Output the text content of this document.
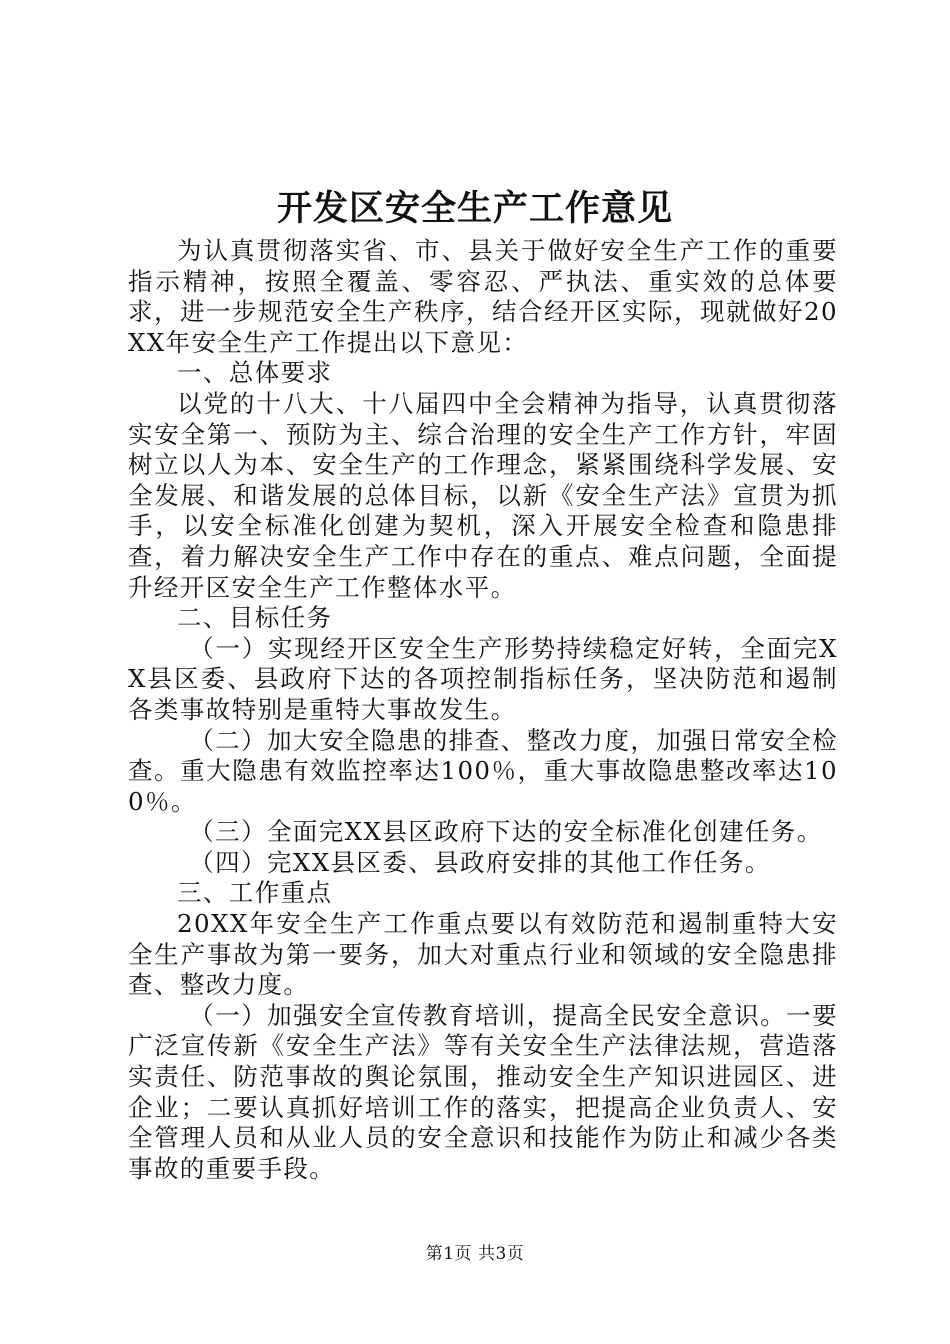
开发区安全生产工作意见

为认真贯彻落实省、市、县关于做好安全生产工作的重要指示精神，按照全覆盖、零容忍、严执法、重实效的总体要求，进一步规范安全生产秩序，结合经开区实际，现就做好20XX年安全生产工作提出以下意见：

一、总体要求

以党的十八大、十八届四中全会精神为指导，认真贯彻落实安全第一、预防为主、综合治理的安全生产工作方针，牢固树立以人为本、安全生产的工作理念，紧紧围绕科学发展、安全发展、和谐发展的总体目标，以新《安全生产法》宣贯为抓手，以安全标准化创建为契机，深入开展安全检查和隐患排查，着力解决安全生产工作中存在的重点、难点问题，全面提升经开区安全生产工作整体水平。

二、目标任务

（一）实现经开区安全生产形势持续稳定好转，全面完XX县区委、县政府下达的各项控制指标任务，坚决防范和遏制各类事故特别是重特大事故发生。

（二）加大安全隐患的排查、整改力度，加强日常安全检查。重大隐患有效监控率达100％，重大事故隐患整改率达100％。

（三）全面完XX县区政府下达的安全标准化创建任务。

（四）完XX县区委、县政府安排的其他工作任务。

三、工作重点

20XX年安全生产工作重点要以有效防范和遏制重特大安全生产事故为第一要务，加大对重点行业和领域的安全隐患排查、整改力度。

（一）加强安全宣传教育培训，提高全民安全意识。一要广泛宣传新《安全生产法》等有关安全生产法律法规，营造落实责任、防范事故的舆论氛围，推动安全生产知识进园区、进企业；二要认真抓好培训工作的落实，把提高企业负责人、安全管理人员和从业人员的安全意识和技能作为防止和减少各类事故的重要手段。

第1页 共3页
